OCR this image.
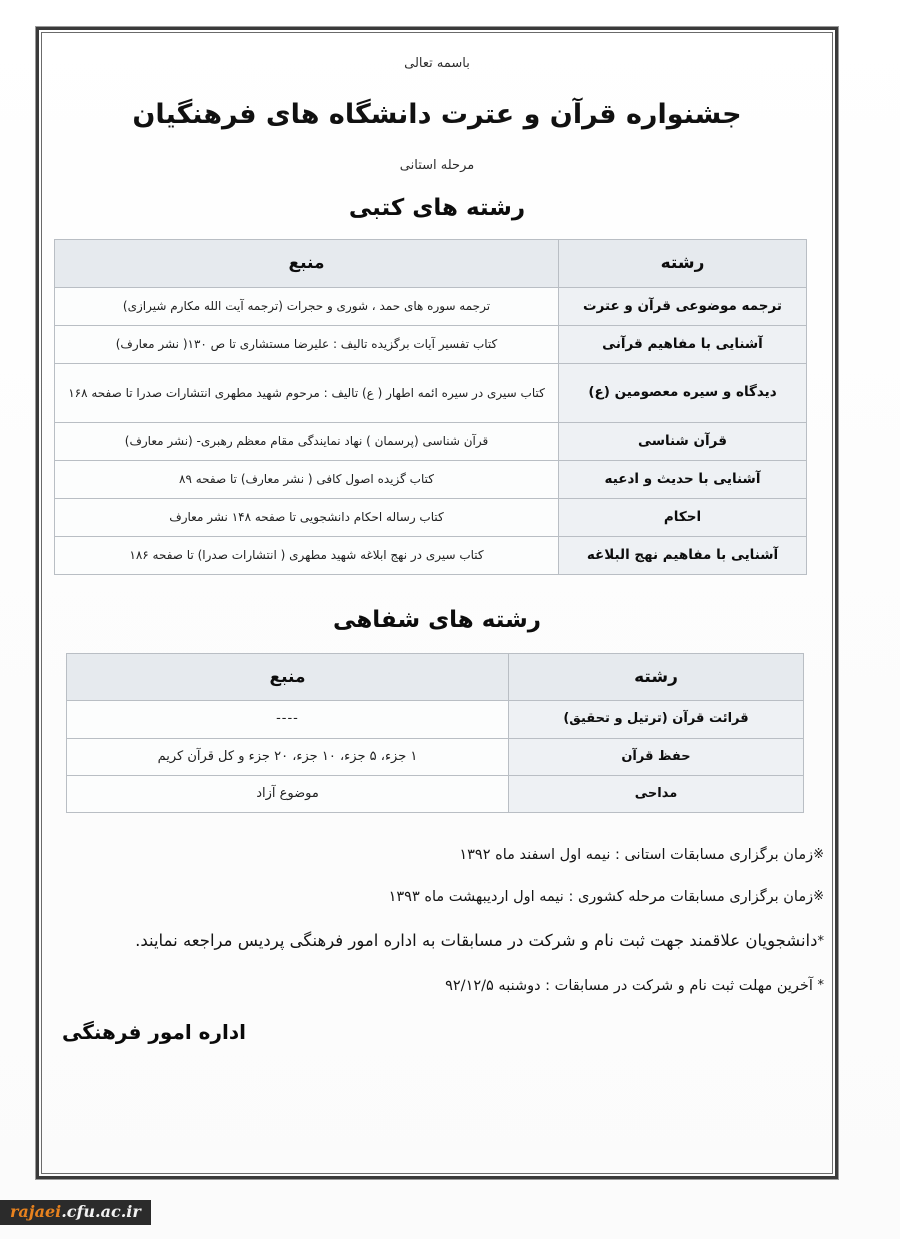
باسمه تعالی
جشنواره قرآن و عترت دانشگاه های فرهنگیان
مرحله استانی
رشته های کتبی
رشته	منبع
ترجمه موضوعی قرآن و عترت	ترجمه سوره های حمد ، شوری و حجرات (ترجمه آیت الله مکارم شیرازی)
آشنایی با مفاهیم قرآنی	کتاب تفسیر آیات برگزیده تالیف : علیرضا مستشاری تا ص ۱۳۰( نشر معارف)
دیدگاه و سیره معصومین (ع)	کتاب سیری در سیره ائمه اطهار ( ع) تالیف : مرحوم شهید مطهری انتشارات صدرا تا صفحه ۱۶۸
قرآن شناسی	قرآن شناسی (پرسمان ) نهاد نمایندگی مقام معظم رهبری- (نشر معارف)
آشنایی با حدیث و ادعیه	کتاب گزیده اصول کافی ( نشر معارف) تا صفحه ۸۹
احکام	کتاب رساله احکام دانشجویی تا صفحه ۱۴۸ نشر معارف
آشنایی با مفاهیم نهج البلاغه	کتاب سیری در نهج ابلاغه شهید مطهری ( انتشارات صدرا) تا صفحه ۱۸۶
رشته های شفاهی
رشته	منبع
قرائت قرآن (ترتیل و تحقیق)	----
حفظ قرآن	۱ جزء، ۵ جزء، ۱۰ جزء، ۲۰ جزء و کل قرآن کریم
مداحی	موضوع آزاد
※زمان برگزاری مسابقات استانی : نیمه اول اسفند ماه ۱۳۹۲
※زمان برگزاری مسابقات مرحله کشوری : نیمه اول اردیبهشت ماه ۱۳۹۳
*دانشجویان علاقمند جهت ثبت نام و شرکت در مسابقات به اداره امور فرهنگی پردیس مراجعه نمایند.
* آخرین مهلت ثبت نام و شرکت در مسابقات : دوشنبه ۹۲/۱۲/۵
اداره امور فرهنگی
rajaei.cfu.ac.ir
